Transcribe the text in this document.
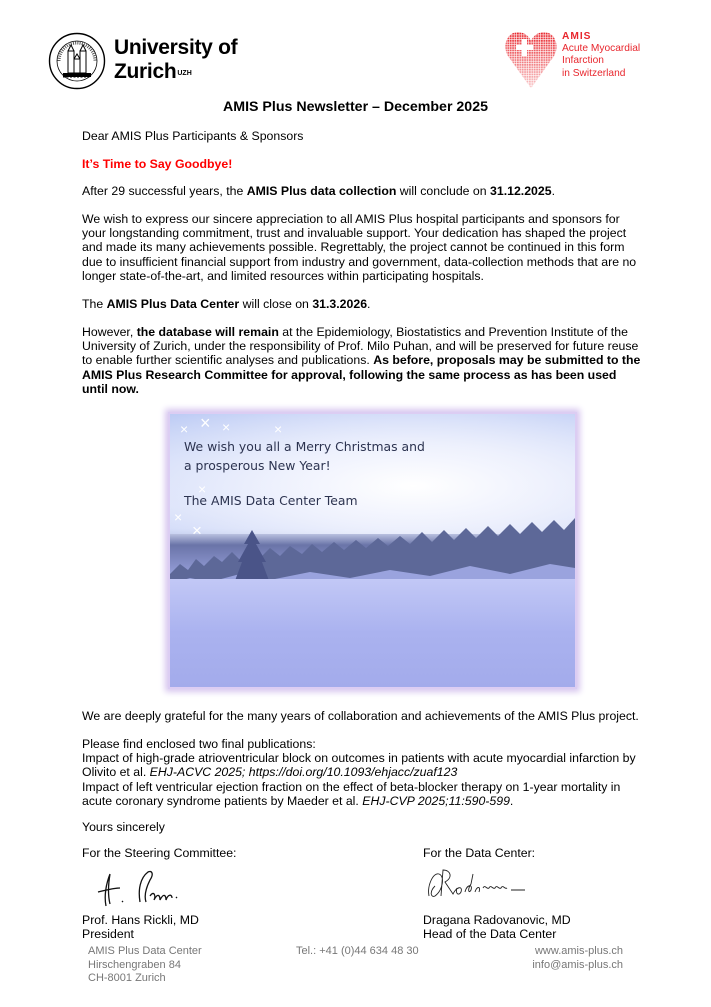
University of
Zurich$^{UZH}$
AMIS
Acute Myocardial
Infarction
in Switzerland
AMIS Plus Newsletter – December 2025
Dear AMIS Plus Participants & Sponsors
It’s Time to Say Goodbye!
After 29 successful years, the AMIS Plus data collection will conclude on 31.12.2025.
We wish to express our sincere appreciation to all AMIS Plus hospital participants and sponsors for your longstanding commitment, trust and invaluable support. Your dedication has shaped the project and made its many achievements possible. Regrettably, the project cannot be continued in this form due to insufficient financial support from industry and government, data-collection methods that are no longer state-of-the-art, and limited resources within participating hospitals.
The AMIS Plus Data Center will close on 31.3.2026.
However, the database will remain at the Epidemiology, Biostatistics and Prevention Institute of the University of Zurich, under the responsibility of Prof. Milo Puhan, and will be preserved for future reuse to enable further scientific analyses and publications. As before, proposals may be submitted to the AMIS Plus Research Committee for approval, following the same process as has been used until now.
× × ×	×
×
×
×
We wish you all a Merry Christmas and
a prosperous New Year!
The AMIS Data Center Team
We are deeply grateful for the many years of collaboration and achievements of the AMIS Plus project.
Please find enclosed two final publications:
Impact of high-grade atrioventricular block on outcomes in patients with acute myocardial infarction by Olivito et al. EHJ-ACVC 2025; https://doi.org/10.1093/ehjacc/zuaf123
Impact of left ventricular ejection fraction on the effect of beta-blocker therapy on 1-year mortality in acute coronary syndrome patients by Maeder et al. EHJ-CVP 2025;11:590-599.
Yours sincerely
For the Steering Committee:	For the Data Center:
Prof. Hans Rickli, MD
President
Dragana Radovanovic, MD
Head of the Data Center
AMIS Plus Data Center
Hirschengraben 84
CH-8001 Zurich
Tel.: +41 (0)44 634 48 30	www.amis-plus.ch
info@amis-plus.ch
